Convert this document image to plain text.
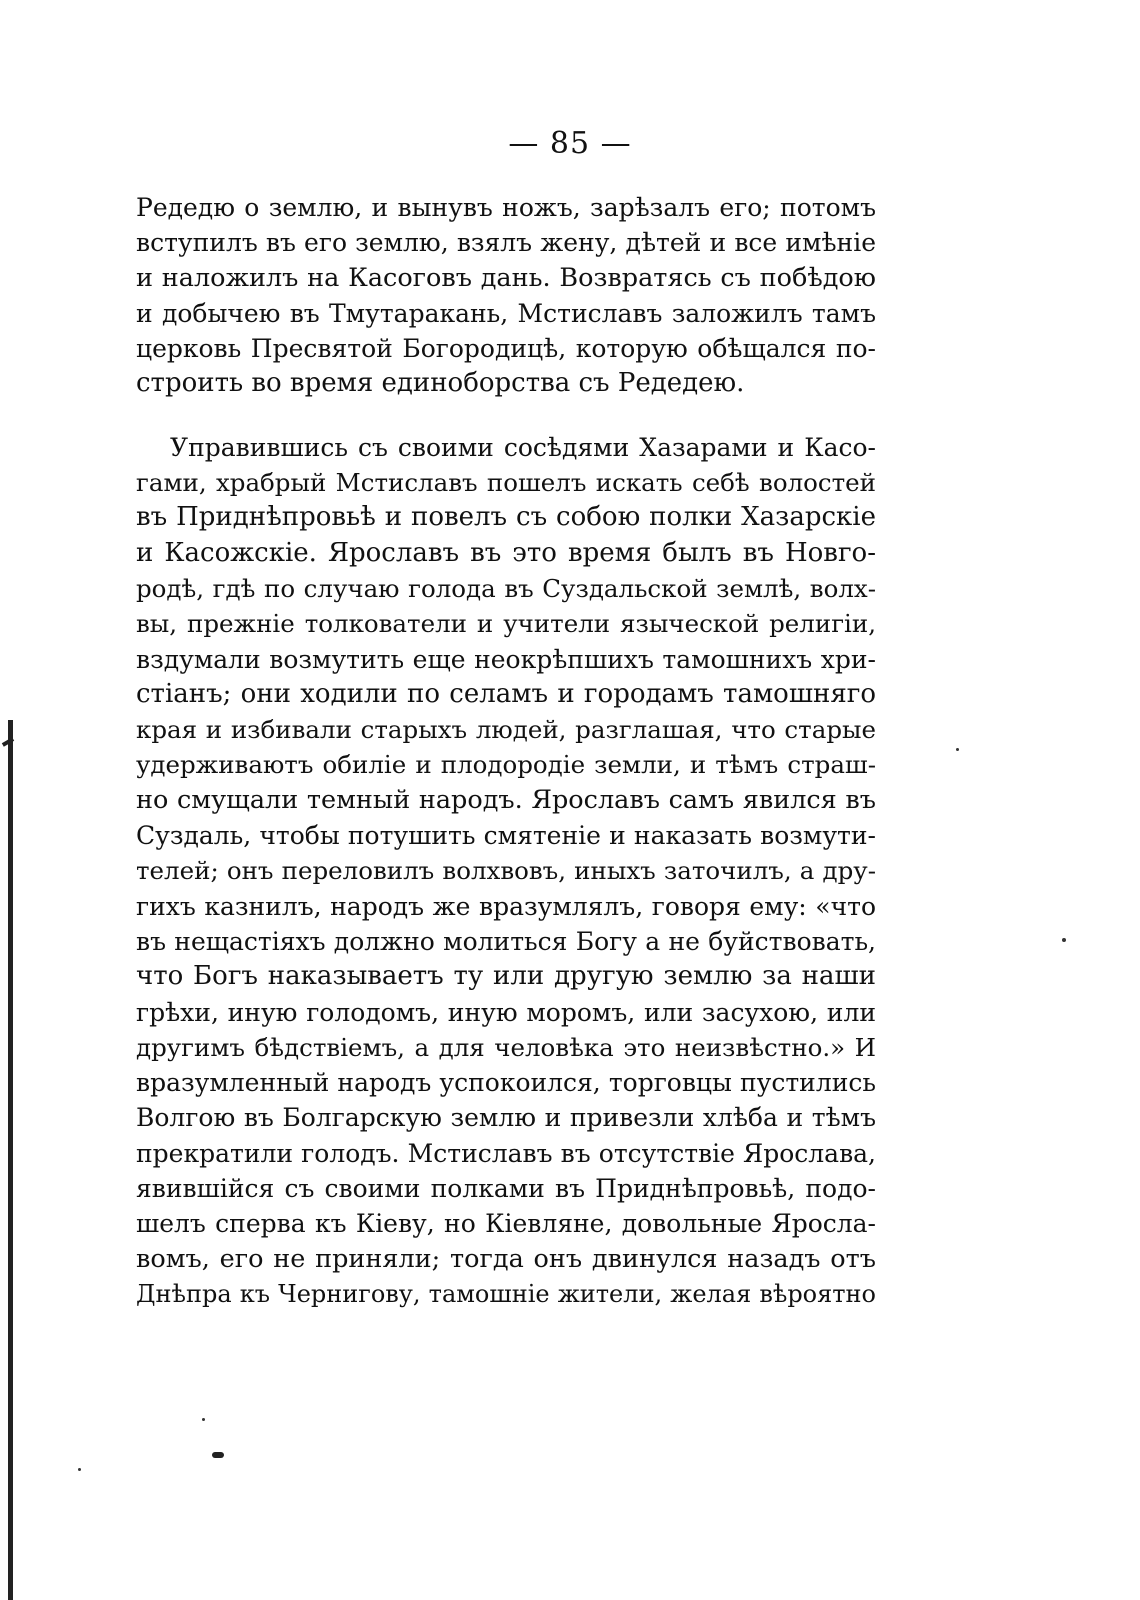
— 85 —
Редедю о землю, и вынувъ ножъ, зарѣзалъ его; потомъ
вступилъ въ его землю, взялъ жену, дѣтей и все имѣніе
и наложилъ на Касоговъ дань. Возвратясь съ побѣдою
и добычею въ Тмутаракань, Мстиславъ заложилъ тамъ
церковь Пресвятой Богородицѣ, которую обѣщался по-
строить во время единоборства съ Редедею.
Управившись съ своими сосѣдями Хазарами и Касо-
гами, храбрый Мстиславъ пошелъ искать себѣ волостей
въ Приднѣпровьѣ и повелъ съ собою полки Хазарскіе
и Касожскіе. Ярославъ въ это время былъ въ Новго-
родѣ, гдѣ по случаю голода въ Суздальской землѣ, волх-
вы, прежніе толкователи и учители языческой религіи,
вздумали возмутить еще неокрѣпшихъ тамошнихъ хри-
стіанъ; они ходили по селамъ и городамъ тамошняго
края и избивали старыхъ людей, разглашая, что старые
удерживаютъ обиліе и плодородіе земли, и тѣмъ страш-
но смущали темный народъ. Ярославъ самъ явился въ
Суздаль, чтобы потушить смятеніе и наказать возмути-
телей; онъ переловилъ волхвовъ, иныхъ заточилъ, а дру-
гихъ казнилъ, народъ же вразумлялъ, говоря ему: «что
въ нещастіяхъ должно молиться Богу а не буйствовать,
что Богъ наказываетъ ту или другую землю за наши
грѣхи, иную голодомъ, иную моромъ, или засухою, или
другимъ бѣдствіемъ, а для человѣка это неизвѣстно.» И
вразумленный народъ успокоился, торговцы пустились
Волгою въ Болгарскую землю и привезли хлѣба и тѣмъ
прекратили голодъ. Мстиславъ въ отсутствіе Ярослава,
явившійся съ своими полками въ Приднѣпровьѣ, подо-
шелъ сперва къ Кіеву, но Кіевляне, довольные Яросла-
вомъ, его не приняли; тогда онъ двинулся назадъ отъ
Днѣпра къ Чернигову, тамошніе жители, желая вѣроятно
